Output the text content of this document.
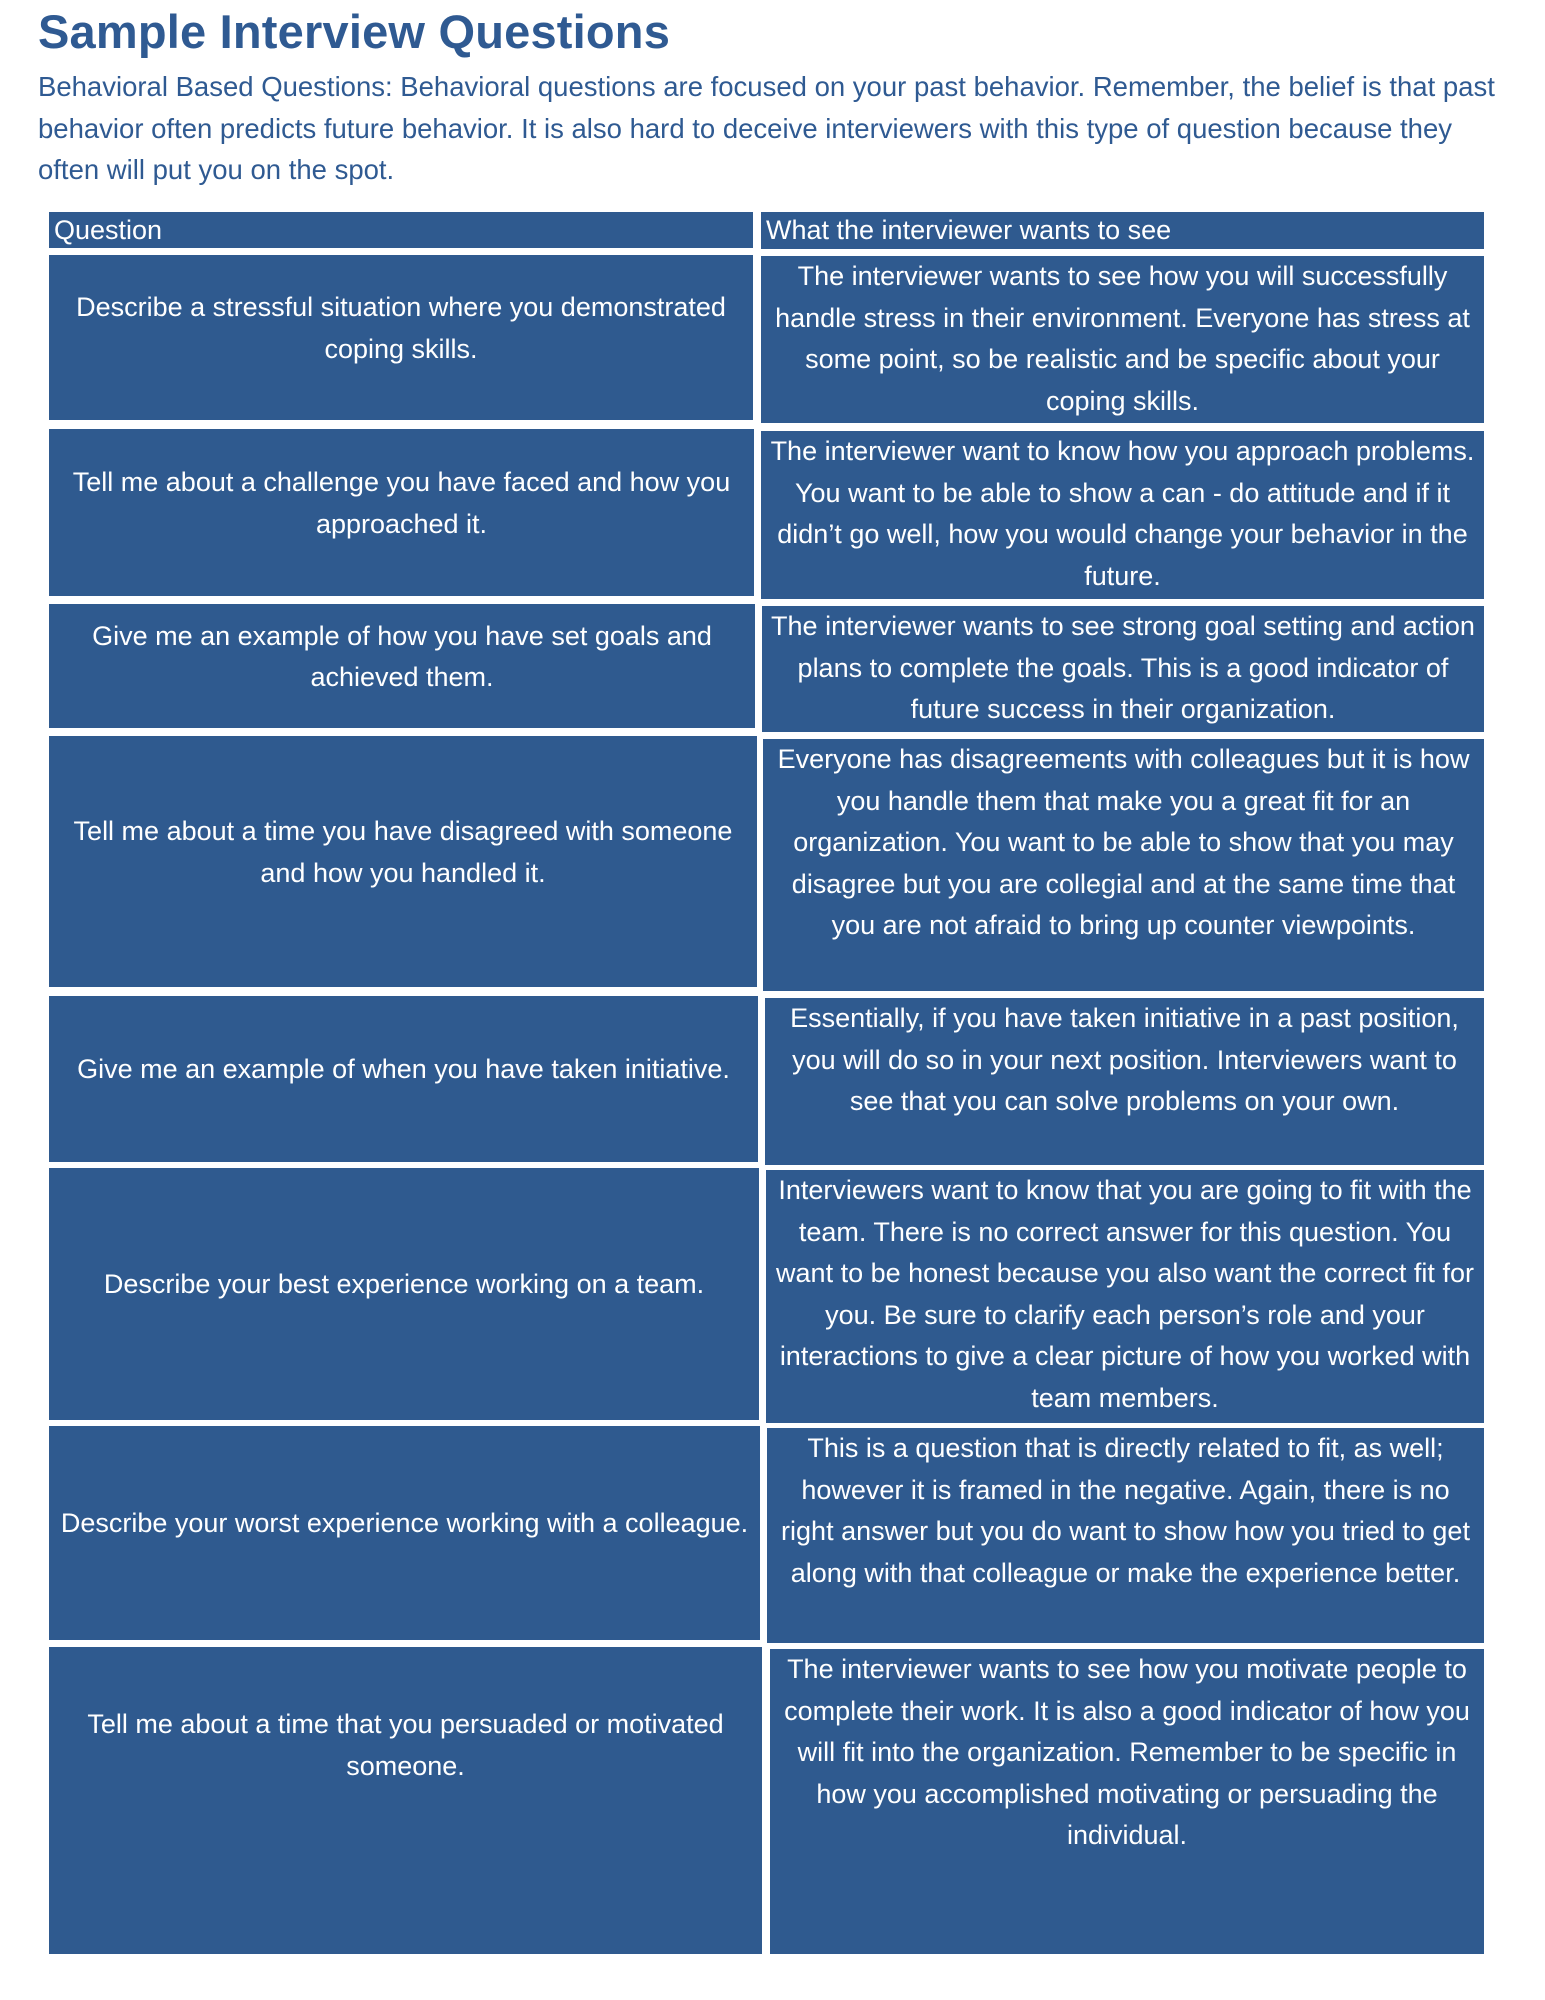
Sample Interview Questions

Behavioral Based Questions: Behavioral questions are focused on your past behavior. Remember, the belief is that past behavior often predicts future behavior. It is also hard to deceive interviewers with this type of question because they often will put you on the spot.

Question	What the interviewer wants to see
Describe a stressful situation where you demonstrated coping skills.
The interviewer wants to see how you will successfully handle stress in their environment. Everyone has stress at some point, so be realistic and be specific about your coping skills.
Tell me about a challenge you have faced and how you approached it.
The interviewer want to know how you approach problems. You want to be able to show a can - do attitude and if it didn’t go well, how you would change your behavior in the future.
Give me an example of how you have set goals and achieved them.
The interviewer wants to see strong goal setting and action plans to complete the goals. This is a good indicator of future success in their organization.
Tell me about a time you have disagreed with someone and how you handled it.
Everyone has disagreements with colleagues but it is how you handle them that make you a great fit for an organization. You want to be able to show that you may disagree but you are collegial and at the same time that you are not afraid to bring up counter viewpoints.
Give me an example of when you have taken initiative.
Essentially, if you have taken initiative in a past position, you will do so in your next position. Interviewers want to see that you can solve problems on your own.
Describe your best experience working on a team.
Interviewers want to know that you are going to fit with the team. There is no correct answer for this question. You want to be honest because you also want the correct fit for you. Be sure to clarify each person’s role and your interactions to give a clear picture of how you worked with team members.
Describe your worst experience working with a colleague.
This is a question that is directly related to fit, as well; however it is framed in the negative. Again, there is no right answer but you do want to show how you tried to get along with that colleague or make the experience better.
Tell me about a time that you persuaded or motivated someone.
The interviewer wants to see how you motivate people to complete their work. It is also a good indicator of how you will fit into the organization. Remember to be specific in how you accomplished motivating or persuading the individual.
